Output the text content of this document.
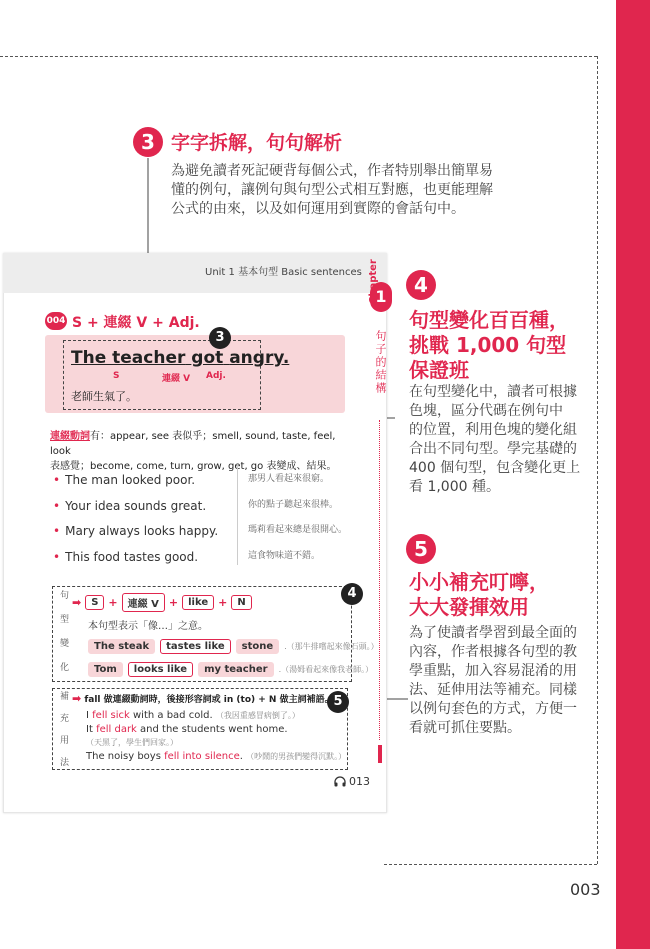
3 字字拆解，句句解析
為避免讀者死記硬背每個公式，作者特別舉出簡單易
懂的例句，讓例句與句型公式相互對應，也更能理解
公式的由來，以及如何運用到實際的會話句中。
Unit 1 基本句型 Basic sentences
1
Chapter
句子的結構
004 S + 連綴 V + Adj.
3
The teacher got angry.
S	連綴 V Adj.
老師生氣了。
連綴動詞有：appear, see 表似乎；smell, sound, taste, feel, look
表感覺；become, come, turn, grow, get, go 表變成、結果。
• The man looked poor.	那男人看起來很窮。
• Your idea sounds great.	你的點子聽起來很棒。
• Mary always looks happy.	瑪莉看起來總是很開心。
• This food tastes good.	這食物味道不錯。
4
句
型
變
化
➡	S +	連綴 V +	like +	N
本句型表示「像…」之意。
The steak	tastes like	stone	.（那牛排嚐起來像石頭。）
Tom	looks like	my teacher	.（湯姆看起來像我老師。）
5
補
充
用
法
➡ fall 做連綴動詞時，後接形容詞或 in (to) + N 做主詞補語。
I fell sick with a bad cold. （我因重感冒病倒了。）
It fell dark and the students went home.
（天黑了，學生們回家。）
The noisy boys fell into silence. （吵鬧的男孩們變得沉默。）
013
4
句型變化百百種，
挑戰 1,000 句型
保證班
在句型變化中，讀者可根據
色塊，區分代碼在例句中
的位置，利用色塊的變化組
合出不同句型。學完基礎的
400 個句型，包含變化更上
看 1,000 種。
5
小小補充叮嚀，
大大發揮效用
為了使讀者學習到最全面的
內容，作者根據各句型的教
學重點，加入容易混淆的用
法、延伸用法等補充。同樣
以例句套色的方式，方便一
看就可抓住要點。
003
